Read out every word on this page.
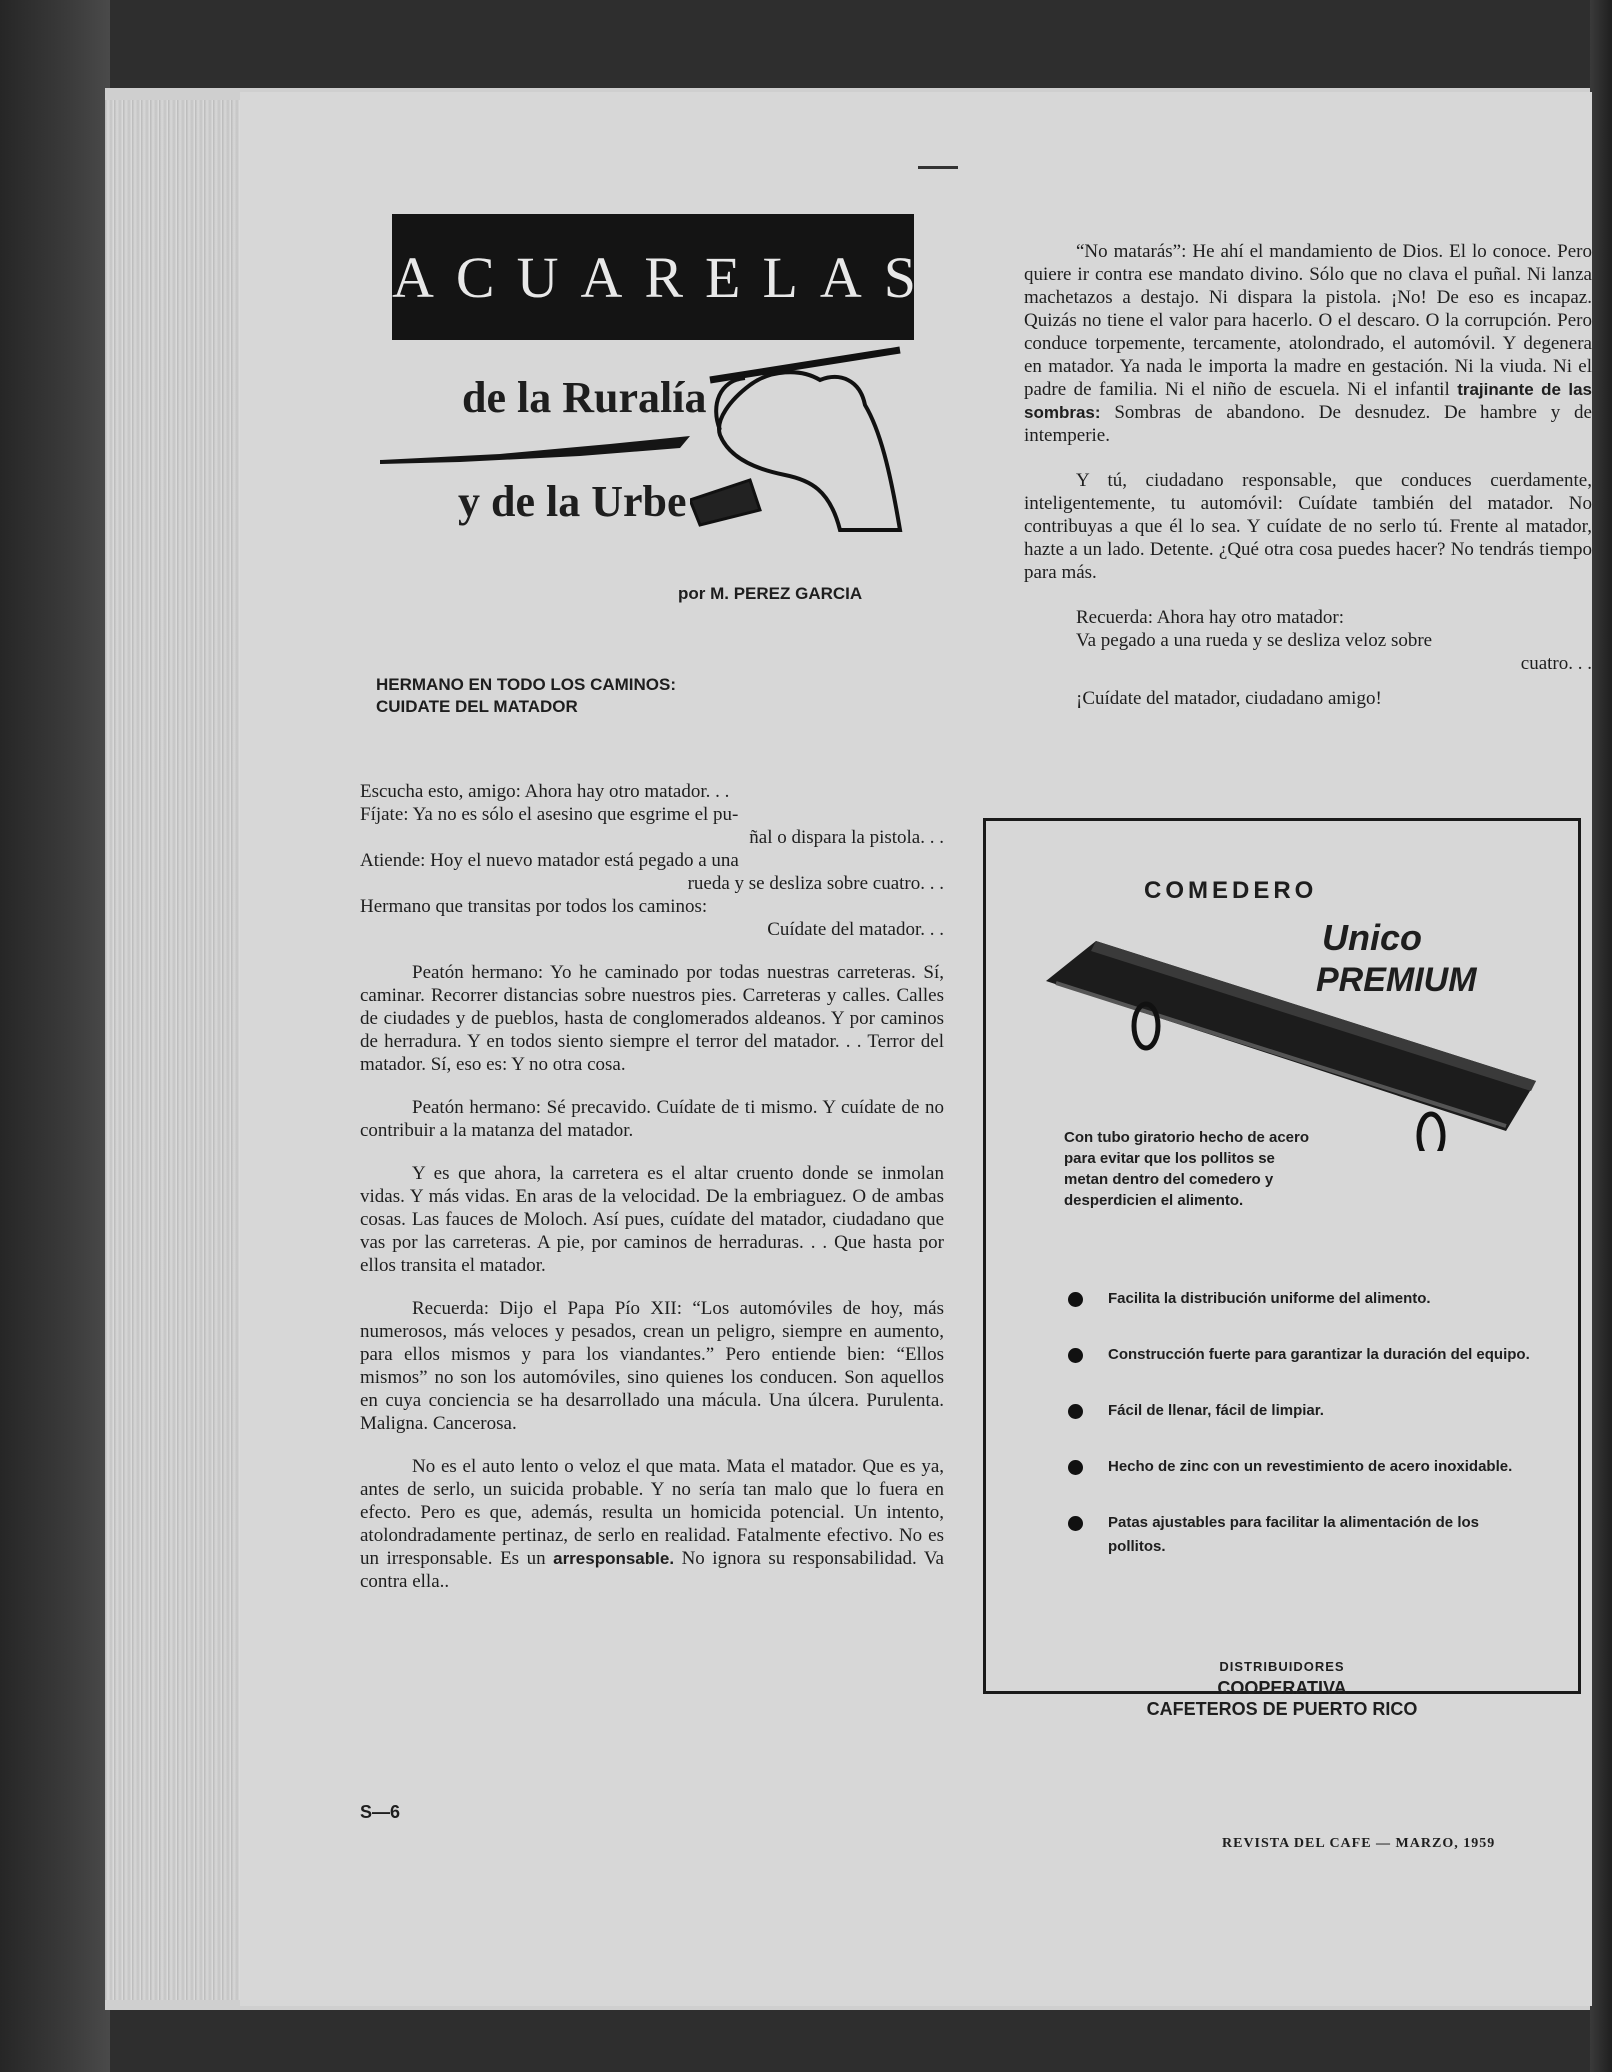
ACUARELAS
de la Ruralía
y de la Urbe
por M. PEREZ GARCIA
HERMANO EN TODO LOS CAMINOS:
CUIDATE DEL MATADOR

Escucha esto, amigo: Ahora hay otro matador. . .

Fíjate: Ya no es sólo el asesino que esgrime el pu-

ñal o dispara la pistola. . .

Atiende: Hoy el nuevo matador está pegado a una

rueda y se desliza sobre cuatro. . .

Hermano que transitas por todos los caminos:

Cuídate del matador. . .

Peatón hermano: Yo he caminado por todas nuestras carreteras. Sí, caminar. Recorrer distancias sobre nuestros pies. Carreteras y calles. Calles de ciudades y de pueblos, hasta de conglomerados aldeanos. Y por caminos de herradura. Y en todos siento siempre el terror del matador. . . Terror del matador. Sí, eso es: Y no otra cosa.

Peatón hermano: Sé precavido. Cuídate de ti mismo. Y cuídate de no contribuir a la matanza del matador.

Y es que ahora, la carretera es el altar cruento donde se inmolan vidas. Y más vidas. En aras de la velocidad. De la embriaguez. O de ambas cosas. Las fauces de Moloch. Así pues, cuídate del matador, ciudadano que vas por las carreteras. A pie, por caminos de herraduras. . . Que hasta por ellos transita el matador.

Recuerda: Dijo el Papa Pío XII: “Los automóviles de hoy, más numerosos, más veloces y pesados, crean un peligro, siempre en aumento, para ellos mismos y para los viandantes.” Pero entiende bien: “Ellos mismos” no son los automóviles, sino quienes los conducen. Son aquellos en cuya conciencia se ha desarrollado una mácula. Una úlcera. Purulenta. Maligna. Cancerosa.

No es el auto lento o veloz el que mata. Mata el matador. Que es ya, antes de serlo, un suicida probable. Y no sería tan malo que lo fuera en efecto. Pero es que, además, resulta un homicida potencial. Un intento, atolondradamente pertinaz, de serlo en realidad. Fatalmente efectivo. No es un irresponsable. Es un arresponsable. No ignora su responsabilidad. Va contra ella..

“No matarás”: He ahí el mandamiento de Dios. El lo conoce. Pero quiere ir contra ese mandato divino. Sólo que no clava el puñal. Ni lanza machetazos a destajo. Ni dispara la pistola. ¡No! De eso es incapaz. Quizás no tiene el valor para hacerlo. O el descaro. O la corrupción. Pero conduce torpemente, tercamente, atolondrado, el automóvil. Y degenera en matador. Ya nada le importa la madre en gestación. Ni la viuda. Ni el padre de familia. Ni el niño de escuela. Ni el infantil trajinante de las sombras: Sombras de abandono. De desnudez. De hambre y de intemperie.

Y tú, ciudadano responsable, que conduces cuerdamente, inteligentemente, tu automóvil: Cuídate también del matador. No contribuyas a que él lo sea. Y cuídate de no serlo tú. Frente al matador, hazte a un lado. Detente. ¿Qué otra cosa puedes hacer? No tendrás tiempo para más.

Recuerda: Ahora hay otro matador:

Va pegado a una rueda y se desliza veloz sobre

cuatro. . .

¡Cuídate del matador, ciudadano amigo!

COMEDERO
Unico
PREMIUM
Con tubo giratorio hecho de acero para evitar que los pollitos se metan dentro del comedero y desperdicien el alimento.
Facilita la distribución uniforme del alimento.
Construcción fuerte para garantizar la duración del equipo.
Fácil de llenar, fácil de limpiar.
Hecho de zinc con un revestimiento de acero inoxidable.
Patas ajustables para facilitar la alimentación de los pollitos.
DISTRIBUIDORES
COOPERATIVA
CAFETEROS DE PUERTO RICO
S—6
REVISTA DEL CAFE — MARZO, 1959
